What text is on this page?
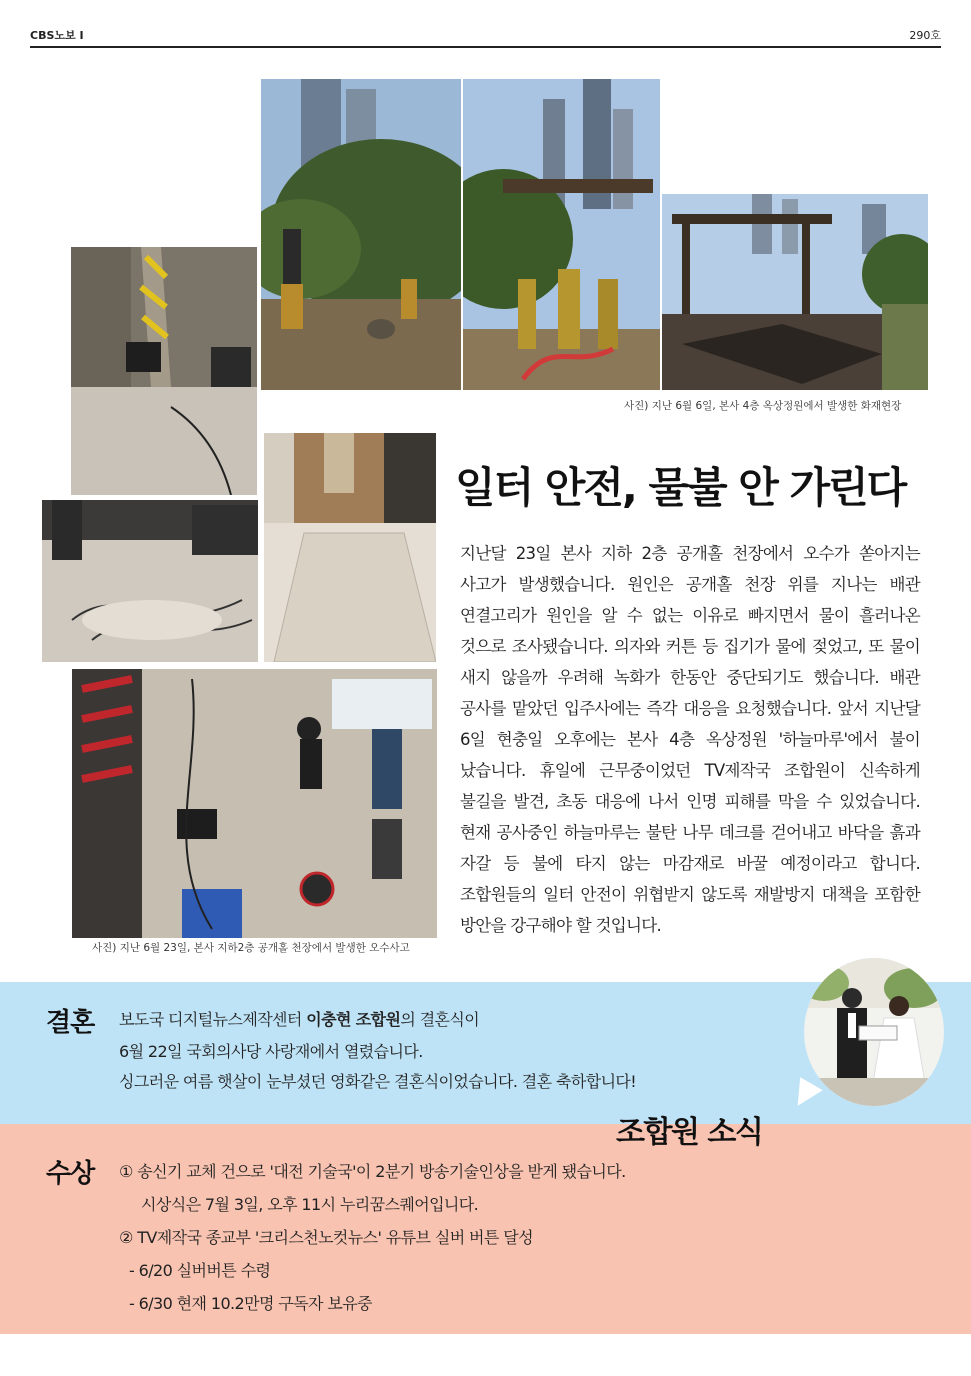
CBS노보 I	290호
사진) 지난 6월 6일, 본사 4층 옥상정원에서 발생한 화재현장
사진) 지난 6월 23일, 본사 지하2층 공개홀 천장에서 발생한 오수사고
일터 안전, 물불 안 가린다
지난달 23일 본사 지하 2층 공개홀 천장에서 오수가 쏟아지는 사고가 발생했습니다. 원인은 공개홀 천장 위를 지나는 배관 연결고리가 원인을 알 수 없는 이유로 빠지면서 물이 흘러나온 것으로 조사됐습니다. 의자와 커튼 등 집기가 물에 젖었고, 또 물이 새지 않을까 우려해 녹화가 한동안 중단되기도 했습니다. 배관 공사를 맡았던 입주사에는 즉각 대응을 요청했습니다. 앞서 지난달 6일 현충일 오후에는 본사 4층 옥상정원 '하늘마루'에서 불이 났습니다. 휴일에 근무중이었던 TV제작국 조합원이 신속하게 불길을 발견, 초동 대응에 나서 인명 피해를 막을 수 있었습니다. 현재 공사중인 하늘마루는 불탄 나무 데크를 걷어내고 바닥을 흙과 자갈 등 불에 타지 않는 마감재로 바꿀 예정이라고 합니다. 조합원들의 일터 안전이 위협받지 않도록 재발방지 대책을 포함한 방안을 강구해야 할 것입니다.
결혼 보도국 디지털뉴스제작센터 이충현 조합원의 결혼식이
6월 22일 국회의사당 사랑재에서 열렸습니다.
싱그러운 여름 햇살이 눈부셨던 영화같은 결혼식이었습니다. 결혼 축하합니다!
조합원 소식
수상 ① 송신기 교체 건으로 '대전 기술국'이 2분기 방송기술인상을 받게 됐습니다.
시상식은 7월 3일, 오후 11시 누리꿈스퀘어입니다.
② TV제작국 종교부 '크리스천노컷뉴스' 유튜브 실버 버튼 달성
- 6/20 실버버튼 수령
- 6/30 현재 10.2만명 구독자 보유중
